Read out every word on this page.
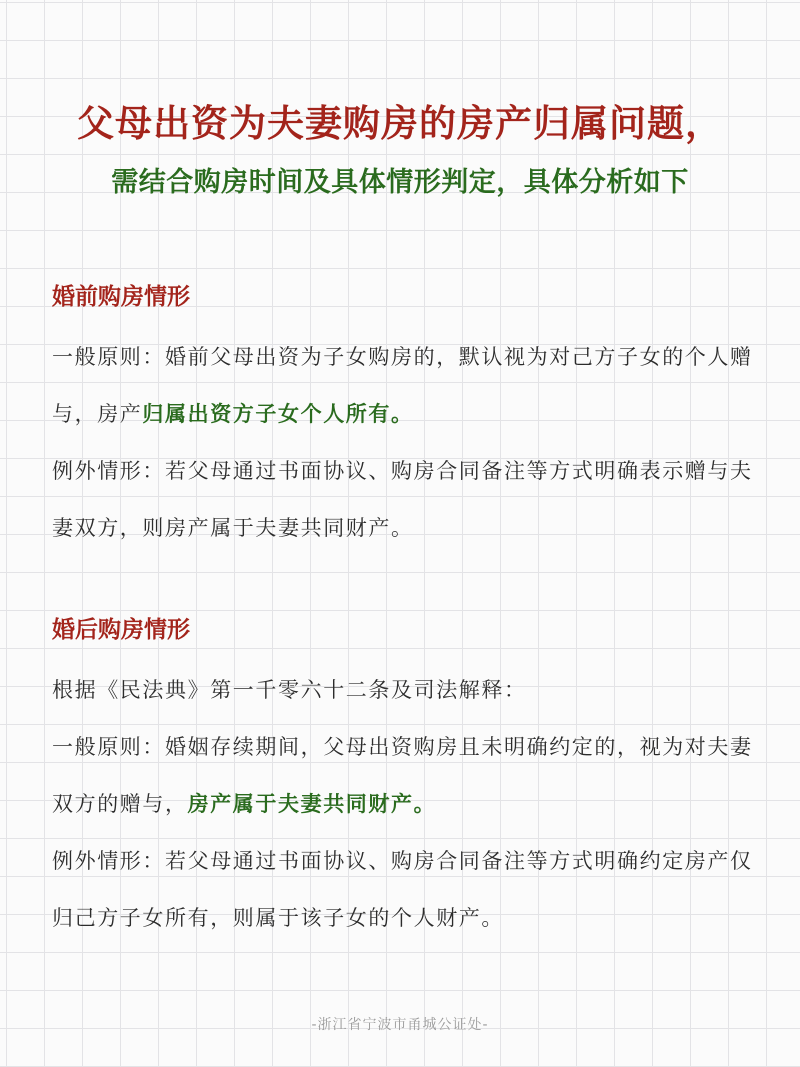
父母出资为夫妻购房的房产归属问题，
需结合购房时间及具体情形判定，具体分析如下
婚前购房情形
一般原则：婚前父母出资为子女购房的，默认视为对己方子女的个人赠与，房产归属出资方子女个人所有。
例外情形：若父母通过书面协议、购房合同备注等方式明确表示赠与夫妻双方，则房产属于夫妻共同财产。
婚后购房情形
根据《民法典》第一千零六十二条及司法解释：
一般原则：婚姻存续期间，父母出资购房且未明确约定的，视为对夫妻双方的赠与，房产属于夫妻共同财产。
例外情形：若父母通过书面协议、购房合同备注等方式明确约定房产仅归己方子女所有，则属于该子女的个人财产。
-浙江省宁波市甬城公证处-
